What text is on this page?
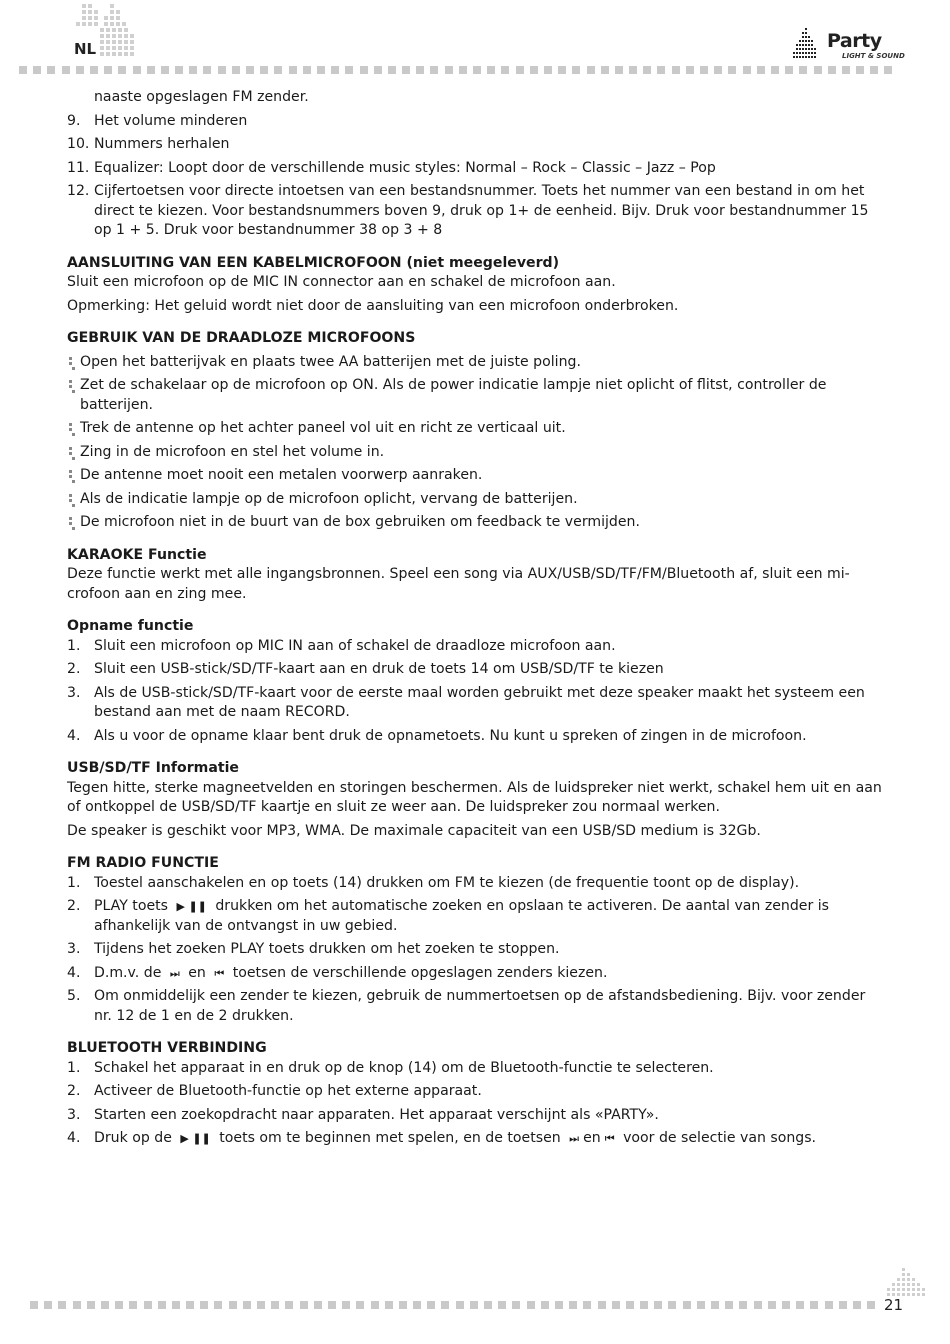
NL	Party
LIGHT & SOUND

naaste opgeslagen FM zender.

9. Het volume minderen
10. Nummers herhalen
11. Equalizer: Loopt door de verschillende music styles: Normal – Rock – Classic – Jazz – Pop
12. Cijfertoetsen voor directe intoetsen van een bestandsnummer. Toets het nummer van een bestand in om het direct te kiezen. Voor bestandsnummers boven 9, druk op 1+ de eenheid. Bijv. Druk voor bestandnummer 15 op 1 + 5. Druk voor bestandnummer 38 op 3 + 8
AANSLUITING VAN EEN KABELMICROFOON (niet meegeleverd)

Sluit een microfoon op de MIC IN connector aan en schakel de microfoon aan.

Opmerking: Het geluid wordt niet door de aansluiting van een microfoon onderbroken.

GEBRUIK VAN DE DRAADLOZE MICROFOONS
Open het batterijvak en plaats twee AA batterijen met de juiste poling.
Zet de schakelaar op de microfoon op ON. Als de power indicatie lampje niet oplicht of flitst, controller de batterijen.
Trek de antenne op het achter paneel vol uit en richt ze verticaal uit.
Zing in de microfoon en stel het volume in.
De antenne moet nooit een metalen voorwerp aanraken.
Als de indicatie lampje op de microfoon oplicht, vervang de batterijen.
De microfoon niet in de buurt van de box gebruiken om feedback te vermijden.
KARAOKE Functie

Deze functie werkt met alle ingangsbronnen. Speel een song via AUX/USB/SD/TF/FM/Bluetooth af, sluit een mi-crofoon aan en zing mee.

Opname functie
1. Sluit een microfoon op MIC IN aan of schakel de draadloze microfoon aan.
2. Sluit een USB-stick/SD/TF-kaart aan en druk de toets 14 om USB/SD/TF te kiezen
3. Als de USB-stick/SD/TF-kaart voor de eerste maal worden gebruikt met deze speaker maakt het systeem een bestand aan met de naam RECORD.
4. Als u voor de opname klaar bent druk de opnametoets. Nu kunt u spreken of zingen in de microfoon.
USB/SD/TF Informatie

Tegen hitte, sterke magneetvelden en storingen beschermen. Als de luidspreker niet werkt, schakel hem uit en aan of ontkoppel de USB/SD/TF kaartje en sluit ze weer aan. De luidspreker zou normaal werken.

De speaker is geschikt voor MP3, WMA. De maximale capaciteit van een USB/SD medium is 32Gb.

FM RADIO FUNCTIE
1. Toestel aanschakelen en op toets (14) drukken om FM te kiezen (de frequentie toont op de display).
2. PLAY toets ▶ ❚❚ drukken om het automatische zoeken en opslaan te activeren. De aantal van zender is afhankelijk van de ontvangst in uw gebied.
3. Tijdens het zoeken PLAY toets drukken om het zoeken te stoppen.
4. D.m.v. de ⏭ en ⏮ toetsen de verschillende opgeslagen zenders kiezen.
5. Om onmiddelijk een zender te kiezen, gebruik de nummertoetsen op de afstandsbediening. Bijv. voor zender nr. 12 de 1 en de 2 drukken.
BLUETOOTH VERBINDING
1. Schakel het apparaat in en druk op de knop (14) om de Bluetooth-functie te selecteren.
2. Activeer de Bluetooth-functie op het externe apparaat.
3. Starten een zoekopdracht naar apparaten. Het apparaat verschijnt als «PARTY».
4. Druk op de ▶ ❚❚ toets om te beginnen met spelen, en de toetsen ⏭ en ⏮ voor de selectie van songs.
21
